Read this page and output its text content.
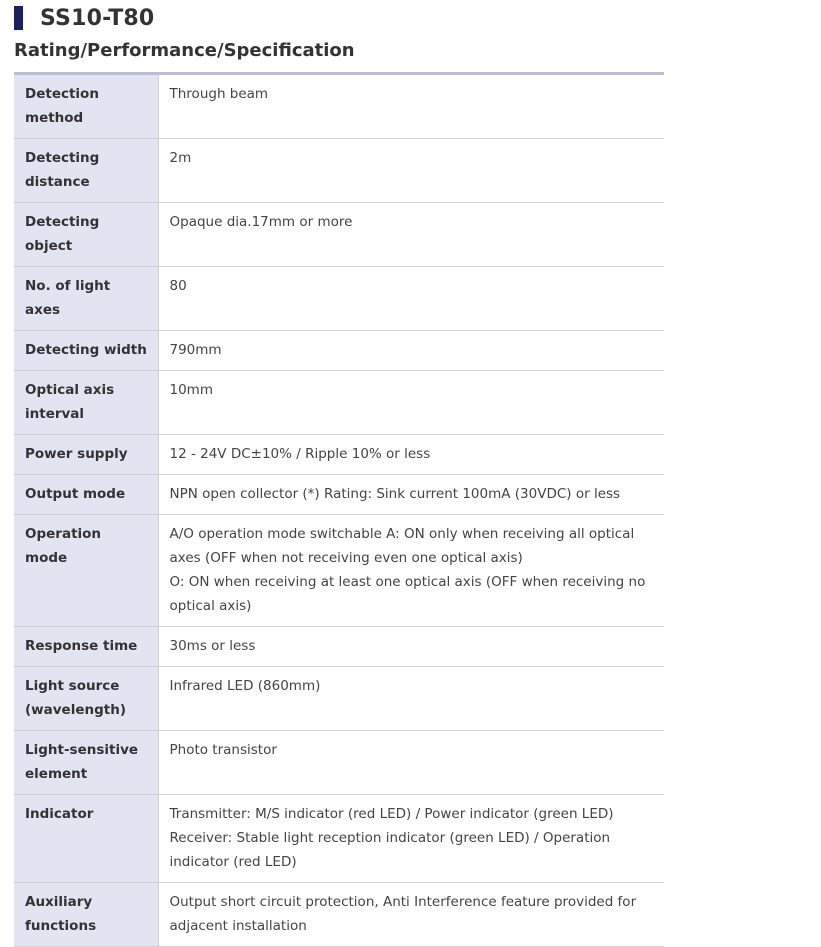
SS10-T80
Rating/Performance/Specification
Detection method	Through beam

Detecting distance	2m

Detecting object	Opaque dia.17mm or more

No. of light axes	80

Detecting width	790mm

Optical axis interval	10mm

Power supply	12 - 24V DC±10% / Ripple 10% or less

Output mode	NPN open collector (*) Rating: Sink current 100mA (30VDC) or less

Operation mode	A/O operation mode switchable A: ON only when receiving all optical axes (OFF when not receiving even one optical axis)
O: ON when receiving at least one optical axis (OFF when receiving no optical axis)

Response time	30ms or less

Light source (wavelength)	Infrared LED (860mm)

Light-sensitive element	Photo transistor

Indicator	Transmitter: M/S indicator (red LED) / Power indicator (green LED)
Receiver: Stable light reception indicator (green LED) / Operation indicator (red LED)

Auxiliary functions	Output short circuit protection, Anti Interference feature provided for adjacent installation
